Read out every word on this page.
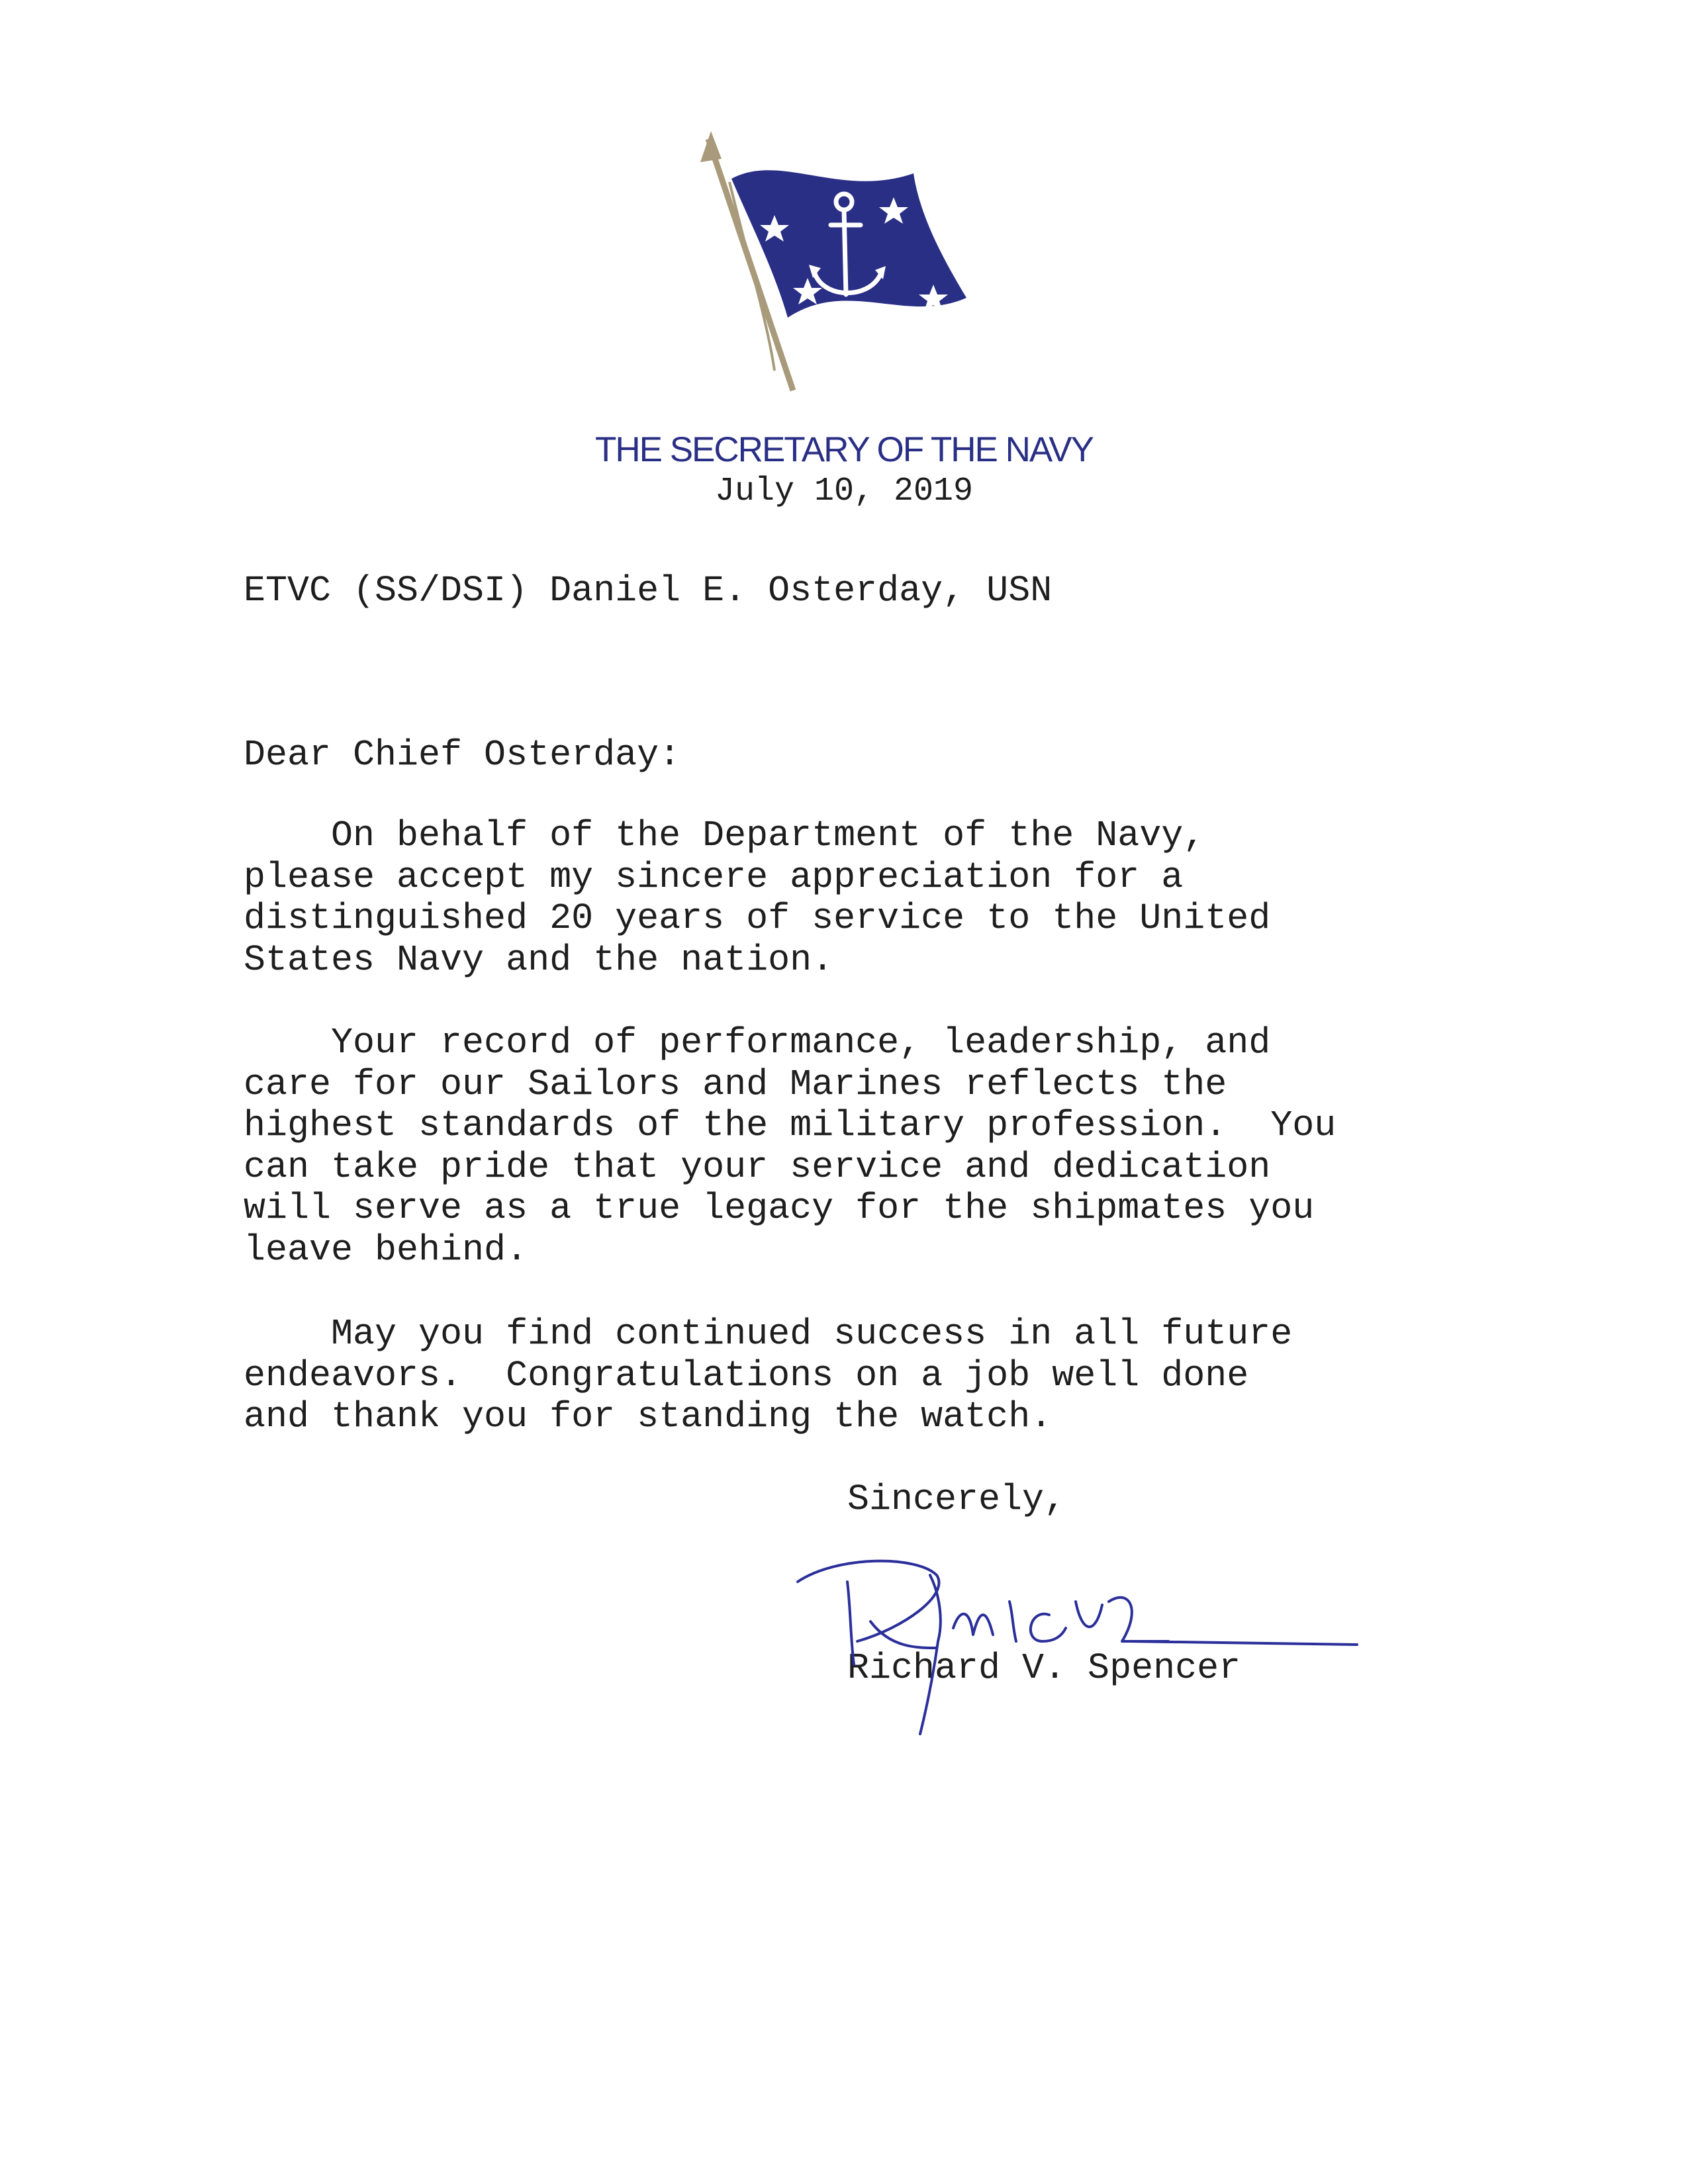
THE SECRETARY OF THE NAVY
July 10, 2019
ETVC (SS/DSI) Daniel E. Osterday, USN
Dear Chief Osterday:
On behalf of the Department of the Navy,
please accept my sincere appreciation for a
distinguished 20 years of service to the United
States Navy and the nation.
Your record of performance, leadership, and
care for our Sailors and Marines reflects the
highest standards of the military profession.  You
can take pride that your service and dedication
will serve as a true legacy for the shipmates you
leave behind.
May you find continued success in all future
endeavors.  Congratulations on a job well done
and thank you for standing the watch.
Sincerely,
Richard V. Spencer
